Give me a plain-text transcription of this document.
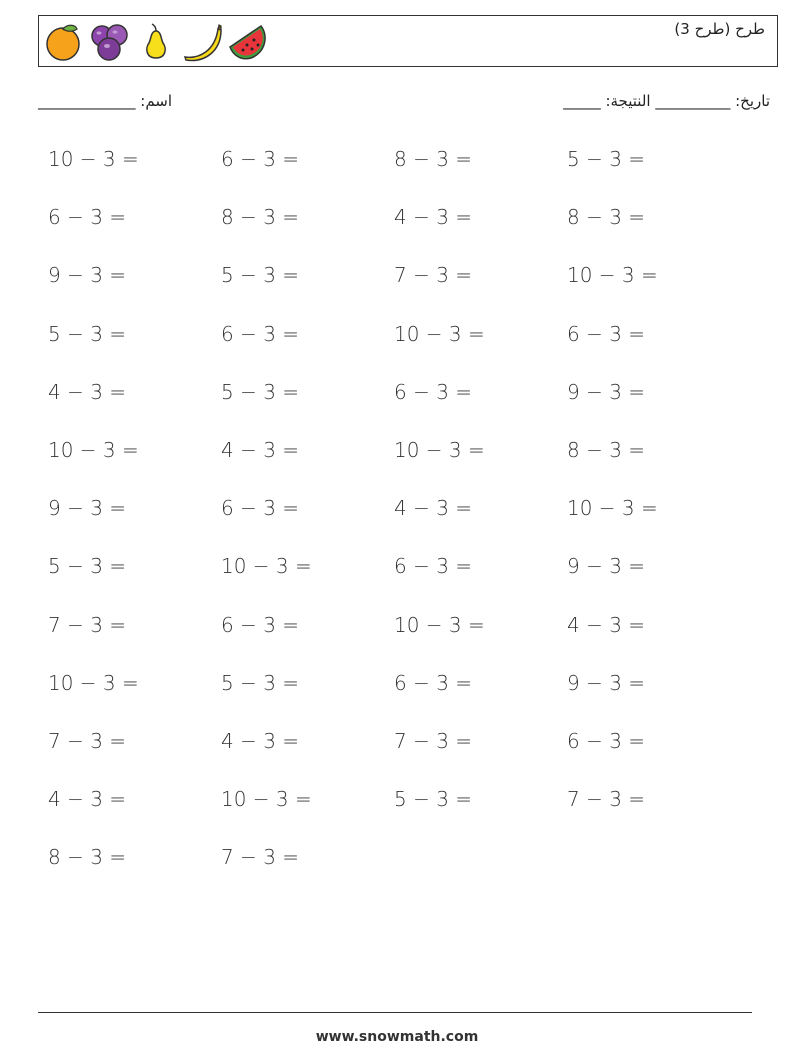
طرح (طرح 3)
_____________ :اسم	_____ :تاريخ: __________ النتيجة
10 − 3 =	6 − 3 =	8 − 3 =	5 − 3 =
6 − 3 =	8 − 3 =	4 − 3 =	8 − 3 =
9 − 3 =	5 − 3 =	7 − 3 =	10 − 3 =
5 − 3 =	6 − 3 =	10 − 3 =	6 − 3 =
4 − 3 =	5 − 3 =	6 − 3 =	9 − 3 =
10 − 3 =	4 − 3 =	10 − 3 =	8 − 3 =
9 − 3 =	6 − 3 =	4 − 3 =	10 − 3 =
5 − 3 =	10 − 3 =	6 − 3 =	9 − 3 =
7 − 3 =	6 − 3 =	10 − 3 =	4 − 3 =
10 − 3 =	5 − 3 =	6 − 3 =	9 − 3 =
7 − 3 =	4 − 3 =	7 − 3 =	6 − 3 =
4 − 3 =	10 − 3 =	5 − 3 =	7 − 3 =
8 − 3 =	7 − 3 =
www.snowmath.com
